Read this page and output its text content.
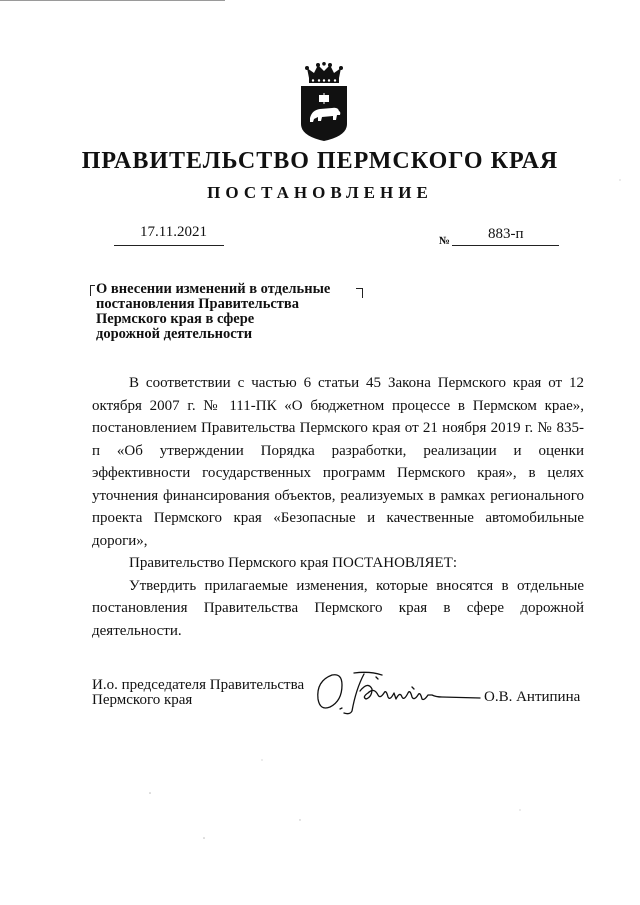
ПРАВИТЕЛЬСТВО ПЕРМСКОГО КРАЯ
ПОСТАНОВЛЕНИЕ
17.11.2021
№	883-п
О внесении изменений в отдельные
постановления Правительства
Пермского края в сфере
дорожной деятельности

В соответствии с частью 6 статьи 45 Закона Пермского края от 12 октября 2007 г. № 111-ПК «О бюджетном процессе в Пермском крае», постановлением Правительства Пермского края от 21 ноября 2019 г. № 835-п «Об утверждении Порядка разработки, реализации и оценки эффективности государственных программ Пермского края», в целях уточнения финансирования объектов, реализуемых в рамках регионального проекта Пермского края «Безопасные и качественные автомобильные дороги»,

Правительство Пермского края ПОСТАНОВЛЯЕТ:

Утвердить прилагаемые изменения, которые вносятся в отдельные постановления Правительства Пермского края в сфере дорожной деятельности.

И.о. председателя Правительства
Пермского края	О.В. Антипина
